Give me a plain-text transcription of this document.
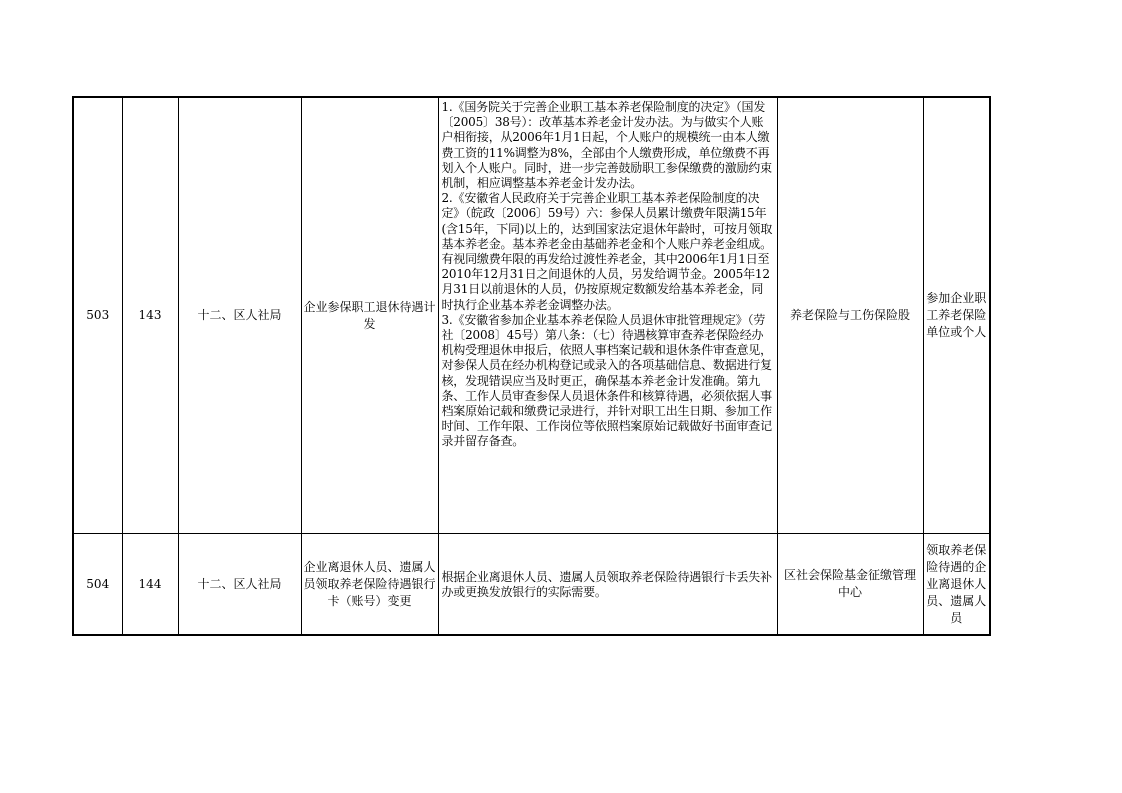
503	143	十二、区人社局	企业参保职工退休待遇计发	1.《国务院关于完善企业职工基本养老保险制度的决定》（国发〔2005〕38号）：改革基本养老金计发办法。为与做实个人账户相衔接，从2006年1月1日起，个人账户的规模统一由本人缴费工资的11%调整为8%，全部由个人缴费形成，单位缴费不再划入个人账户。同时，进一步完善鼓励职工参保缴费的激励约束机制，相应调整基本养老金计发办法。
2.《安徽省人民政府关于完善企业职工基本养老保险制度的决定》（皖政〔2006〕59号）六：参保人员累计缴费年限满15年(含15年，下同)以上的，达到国家法定退休年龄时，可按月领取基本养老金。基本养老金由基础养老金和个人账户养老金组成。有视同缴费年限的再发给过渡性养老金，其中2006年1月1日至2010年12月31日之间退休的人员，另发给调节金。2005年12月31日以前退休的人员，仍按原规定数额发给基本养老金，同时执行企业基本养老金调整办法。
3.《安徽省参加企业基本养老保险人员退休审批管理规定》（劳社〔2008〕45号）第八条：（七）待遇核算审查养老保险经办机构受理退休申报后，依照人事档案记载和退休条件审查意见，对参保人员在经办机构登记或录入的各项基础信息、数据进行复核，发现错误应当及时更正，确保基本养老金计发准确。第九条、工作人员审查参保人员退休条件和核算待遇，必须依据人事档案原始记载和缴费记录进行，并针对职工出生日期、参加工作时间、工作年限、工作岗位等依照档案原始记载做好书面审查记录并留存备查。	养老保险与工伤保险股	参加企业职工养老保险单位或个人
504	144	十二、区人社局	企业离退休人员、遗属人员领取养老保险待遇银行卡（账号）变更	根据企业离退休人员、遗属人员领取养老保险待遇银行卡丢失补办或更换发放银行的实际需要。	区社会保险基金征缴管理中心	领取养老保险待遇的企业离退休人员、遗属人员
